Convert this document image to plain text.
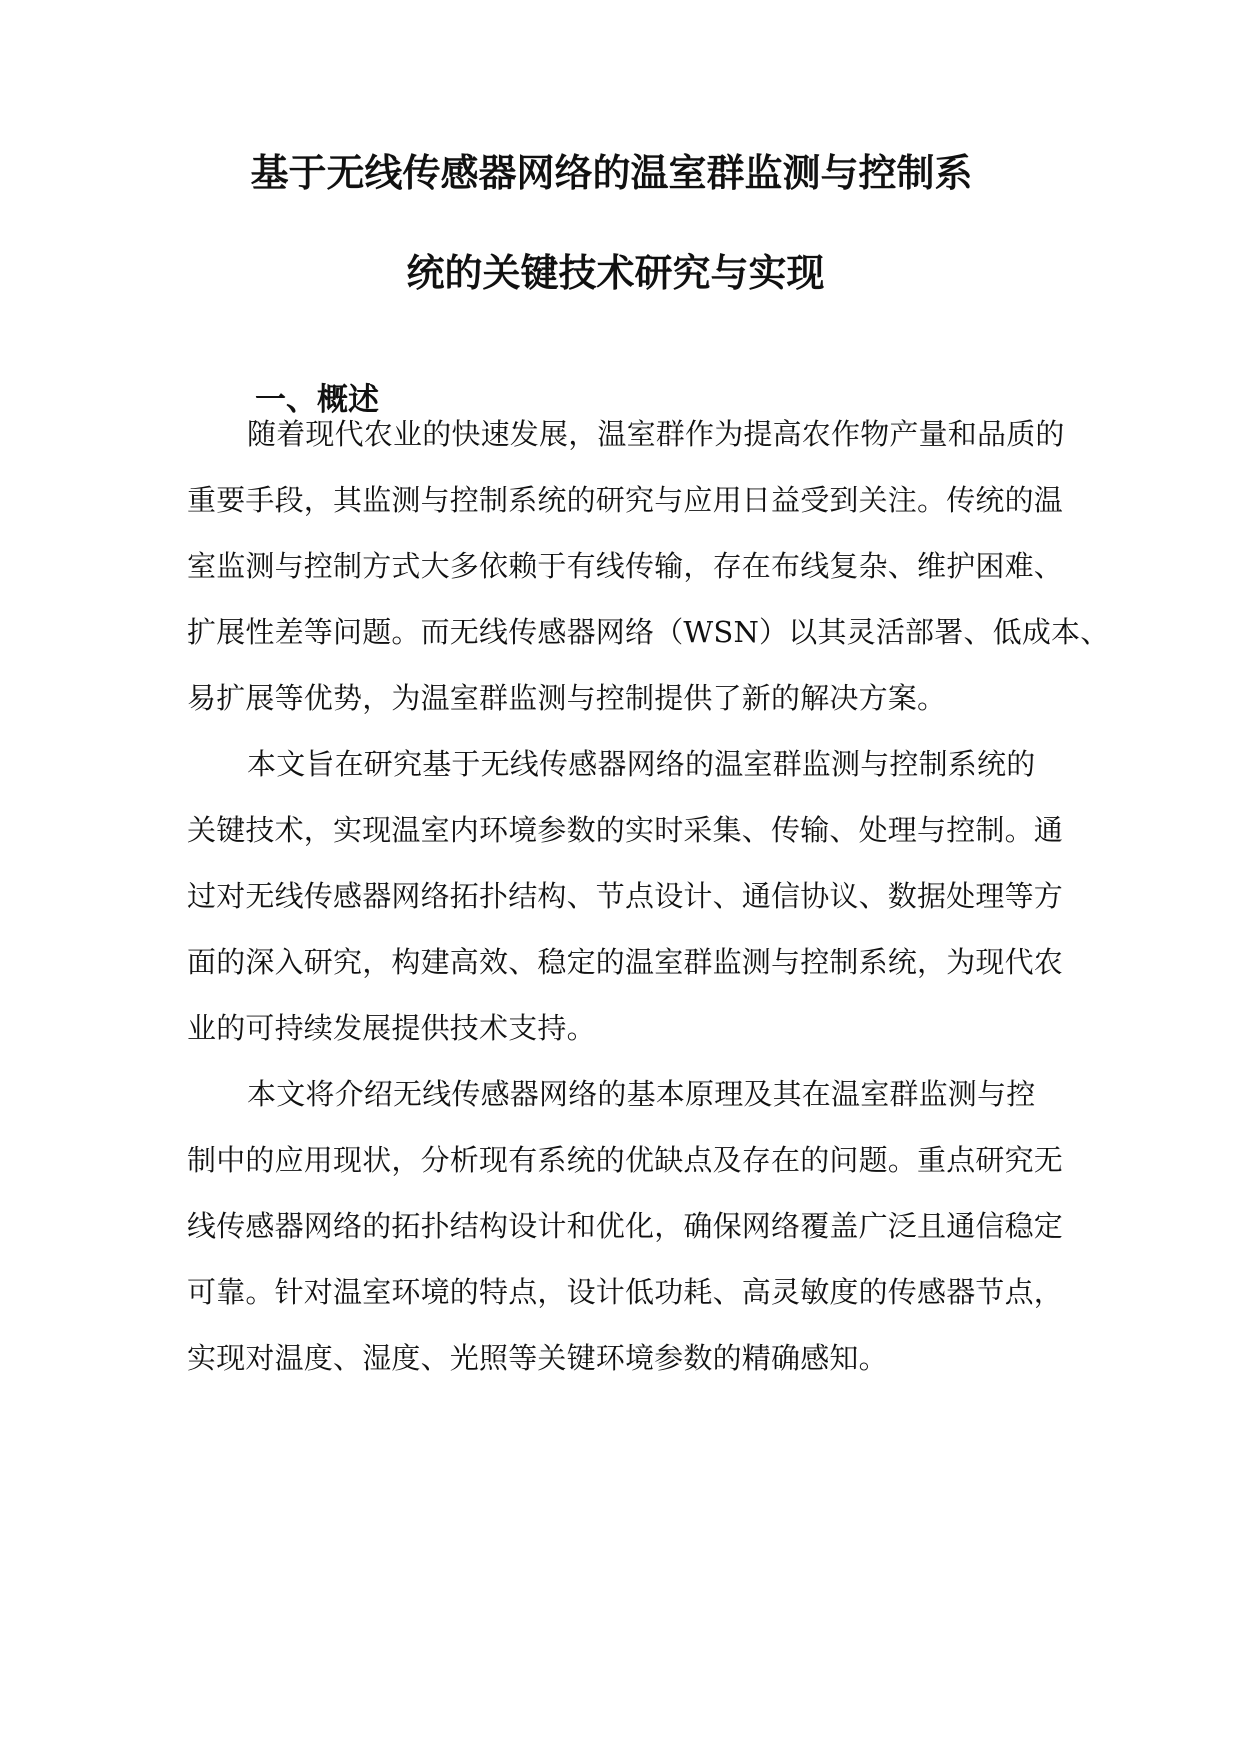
基于无线传感器网络的温室群监测与控制系
统的关键技术研究与实现
一、概述
随着现代农业的快速发展，温室群作为提高农作物产量和品质的
重要手段，其监测与控制系统的研究与应用日益受到关注。传统的温
室监测与控制方式大多依赖于有线传输，存在布线复杂、维护困难、
扩展性差等问题。而无线传感器网络（WSN）以其灵活部署、低成本、
易扩展等优势，为温室群监测与控制提供了新的解决方案。
本文旨在研究基于无线传感器网络的温室群监测与控制系统的
关键技术，实现温室内环境参数的实时采集、传输、处理与控制。通
过对无线传感器网络拓扑结构、节点设计、通信协议、数据处理等方
面的深入研究，构建高效、稳定的温室群监测与控制系统，为现代农
业的可持续发展提供技术支持。
本文将介绍无线传感器网络的基本原理及其在温室群监测与控
制中的应用现状，分析现有系统的优缺点及存在的问题。重点研究无
线传感器网络的拓扑结构设计和优化，确保网络覆盖广泛且通信稳定
可靠。针对温室环境的特点，设计低功耗、高灵敏度的传感器节点，
实现对温度、湿度、光照等关键环境参数的精确感知。
